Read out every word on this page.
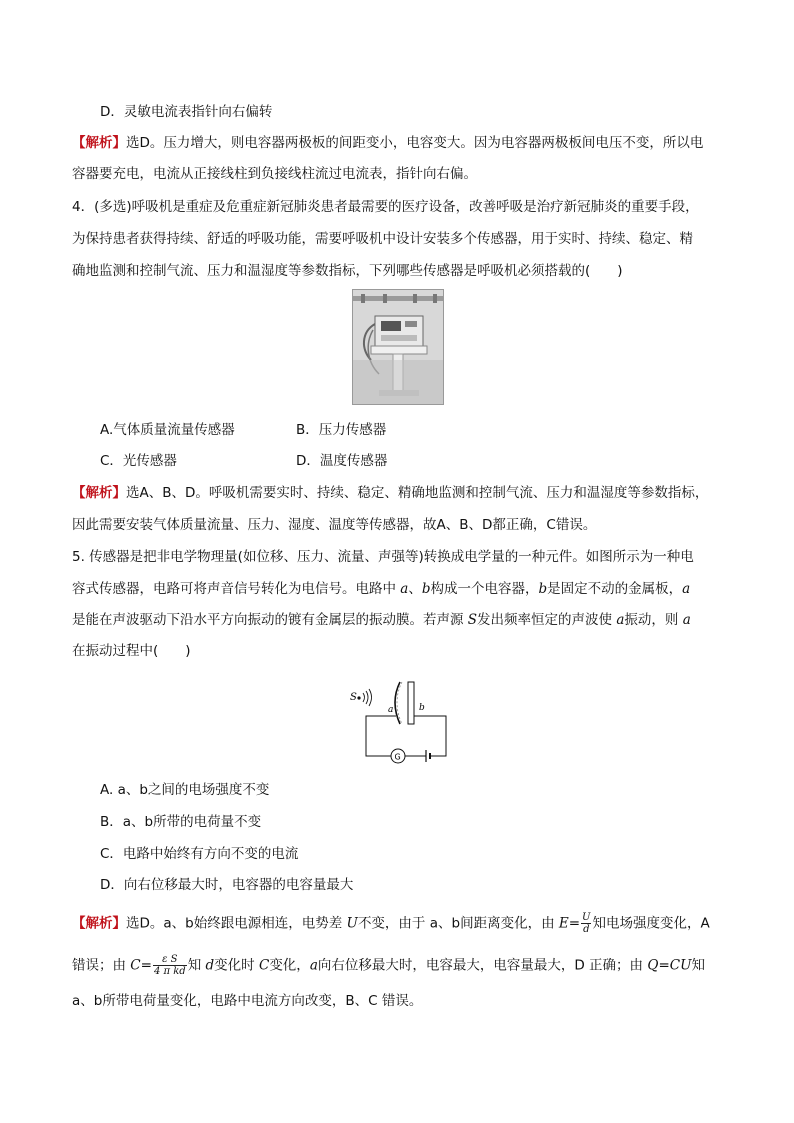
D．灵敏电流表指针向右偏转
【解析】选D。压力增大，则电容器两极板的间距变小，电容变大。因为电容器两极板间电压不变，所以电
容器要充电，电流从正接线柱到负接线柱流过电流表，指针向右偏。
4．(多选)呼吸机是重症及危重症新冠肺炎患者最需要的医疗设备，改善呼吸是治疗新冠肺炎的重要手段，
为保持患者获得持续、舒适的呼吸功能，需要呼吸机中设计安装多个传感器，用于实时、持续、稳定、精
确地监测和控制气流、压力和温湿度等参数指标，下列哪些传感器是呼吸机必须搭载的(　　)
A.气体质量流量传感器	B．压力传感器
C．光传感器	D．温度传感器
【解析】选A、B、D。呼吸机需要实时、持续、稳定、精确地监测和控制气流、压力和温湿度等参数指标，
因此需要安装气体质量流量、压力、湿度、温度等传感器，故A、B、D都正确，C错误。
5. 传感器是把非电学物理量(如位移、压力、流量、声强等)转换成电学量的一种元件。如图所示为一种电
容式传感器，电路可将声音信号转化为电信号。电路中 a、b构成一个电容器，b是固定不动的金属板，a
是能在声波驱动下沿水平方向振动的镀有金属层的振动膜。若声源 S发出频率恒定的声波使 a振动，则 a
在振动过程中(　　)
S
a	b
G
A. a、b之间的电场强度不变
B．a、b所带的电荷量不变
C．电路中始终有方向不变的电流
D．向右位移最大时，电容器的电容量最大
【解析】选D。a、b始终跟电源相连，电势差 U不变，由于 a、b间距离变化，由 $E= \frac{U}{d}$ 知电场强度变化，A
错误；由 $C= \frac{\text{ε S}}{\text{4 π kd}}$ 知 d变化时 C变化，a向右位移最大时，电容最大，电容量最大，D 正确；由 Q=CU知
a、b所带电荷量变化，电路中电流方向改变，B、C 错误。
